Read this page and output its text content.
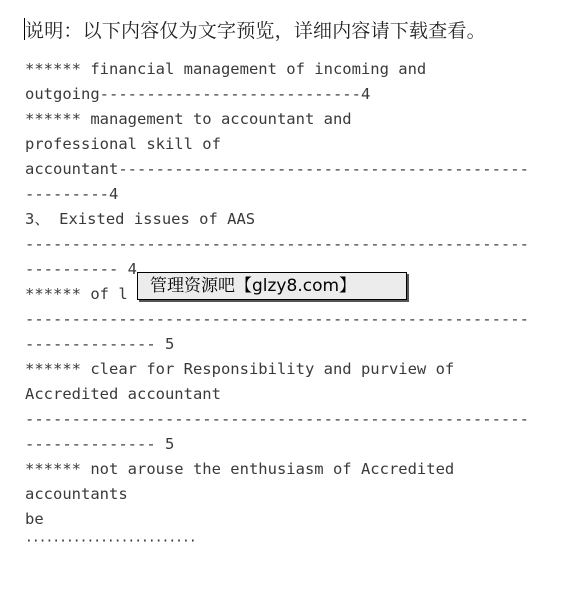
说明：以下内容仅为文字预览，详细内容请下载查看。
****** financial management of incoming and
outgoing----------------------------4
****** management to accountant and
professional skill of
accountant--------------------------------------------
---------4
3、 Existed issues of AAS
------------------------------------------------------
---------- 4
****** of l
------------------------------------------------------
-------------- 5
****** clear for Responsibility and purview of
Accredited accountant
------------------------------------------------------
-------------- 5
****** not arouse the enthusiasm of Accredited
accountants
be
·························
管理资源吧【glzy8.com】
